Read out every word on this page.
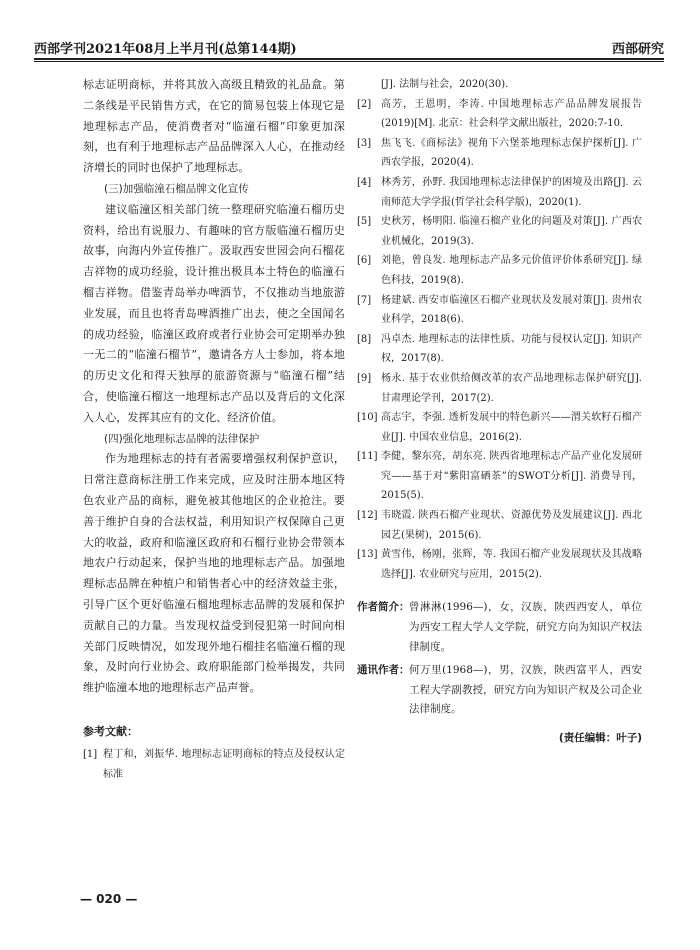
西部学刊2021年08月上半月刊(总第144期)	西部研究

标志证明商标，并将其放入高级且精致的礼品盒。第二条线是平民销售方式，在它的简易包装上体现它是地理标志产品，使消费者对“临潼石榴”印象更加深刻，也有利于地理标志产品品牌深入人心，在推动经济增长的同时也保护了地理标志。

(三)加强临潼石榴品牌文化宣传

建议临潼区相关部门统一整理研究临潼石榴历史资料，给出有说服力、有趣味的官方版临潼石榴历史故事，向海内外宣传推广。汲取西安世园会向石榴花吉祥物的成功经验，设计推出极具本土特色的临潼石榴吉祥物。借鉴青岛举办啤酒节，不仅推动当地旅游业发展，而且也将青岛啤酒推广出去，使之全国闻名的成功经验，临潼区政府或者行业协会可定期举办独一无二的“临潼石榴节”，邀请各方人士参加，将本地的历史文化和得天独厚的旅游资源与“临潼石榴”结合，使临潼石榴这一地理标志产品以及背后的文化深入人心，发挥其应有的文化、经济价值。

(四)强化地理标志品牌的法律保护

作为地理标志的持有者需要增强权利保护意识，日常注意商标注册工作来完成，应及时注册本地区特色农业产品的商标，避免被其他地区的企业抢注。要善于维护自身的合法权益，利用知识产权保障自己更大的收益，政府和临潼区政府和石榴行业协会带领本地农户行动起来，保护当地的地理标志产品。加强地理标志品牌在种植户和销售者心中的经济效益主张，引导广区个更好临潼石榴地理标志品牌的发展和保护贡献自己的力量。当发现权益受到侵犯第一时间向相关部门反映情况，如发现外地石榴挂名临潼石榴的现象，及时向行业协会、政府职能部门检举揭发，共同维护临潼本地的地理标志产品声誉。

参考文献：

[1] 程丁和，刘振华. 地理标志证明商标的特点及侵权认定标准

[J]. 法制与社会，2020(30).

[2] 高芳，王恩明，李涛. 中国地理标志产品品牌发展报告(2019)[M]. 北京：社会科学文献出版社，2020:7-10.

[3] 焦飞飞.《商标法》视角下六堡茶地理标志保护探析[J]. 广西农学报，2020(4).

[4] 林秀芳，孙野. 我国地理标志法律保护的困境及出路[J]. 云南师范大学学报(哲学社会科学版)，2020(1).

[5] 史秋芳，杨明阳. 临潼石榴产业化的问题及对策[J]. 广西农业机械化，2019(3).

[6] 刘艳，曾良发. 地理标志产品多元价值评价体系研究[J]. 绿色科技，2019(8).

[7] 杨建斌. 西安市临潼区石榴产业现状及发展对策[J]. 贵州农业科学，2018(6).

[8] 冯卓杰. 地理标志的法律性质、功能与侵权认定[J]. 知识产权，2017(8).

[9] 杨永. 基于农业供给侧改革的农产品地理标志保护研究[J]. 甘肃理论学刊，2017(2).

[10] 高志宇，李强. 透析发展中的特色新兴——渭关软籽石榴产业[J]. 中国农业信息，2016(2).

[11] 李健，黎东亮，胡东亮. 陕西省地理标志产品产业化发展研究——基于对“紫阳富硒茶”的SWOT分析[J]. 消费导刊，2015(5).

[12] 韦晓霞. 陕西石榴产业现状、资源优势及发展建议[J]. 西北园艺(果树)，2015(6).

[13] 黄雪伟，杨刚，张辉，等. 我国石榴产业发展现状及其战略选择[J]. 农业研究与应用，2015(2).

作者简介： 曾淋淋(1996—)，女，汉族，陕西西安人，单位为西安工程大学人文学院，研究方向为知识产权法律制度。

通讯作者： 何万里(1968—)，男，汉族，陕西富平人，西安工程大学副教授，研究方向为知识产权及公司企业法律制度。

(责任编辑：叶子)
— 020 —
